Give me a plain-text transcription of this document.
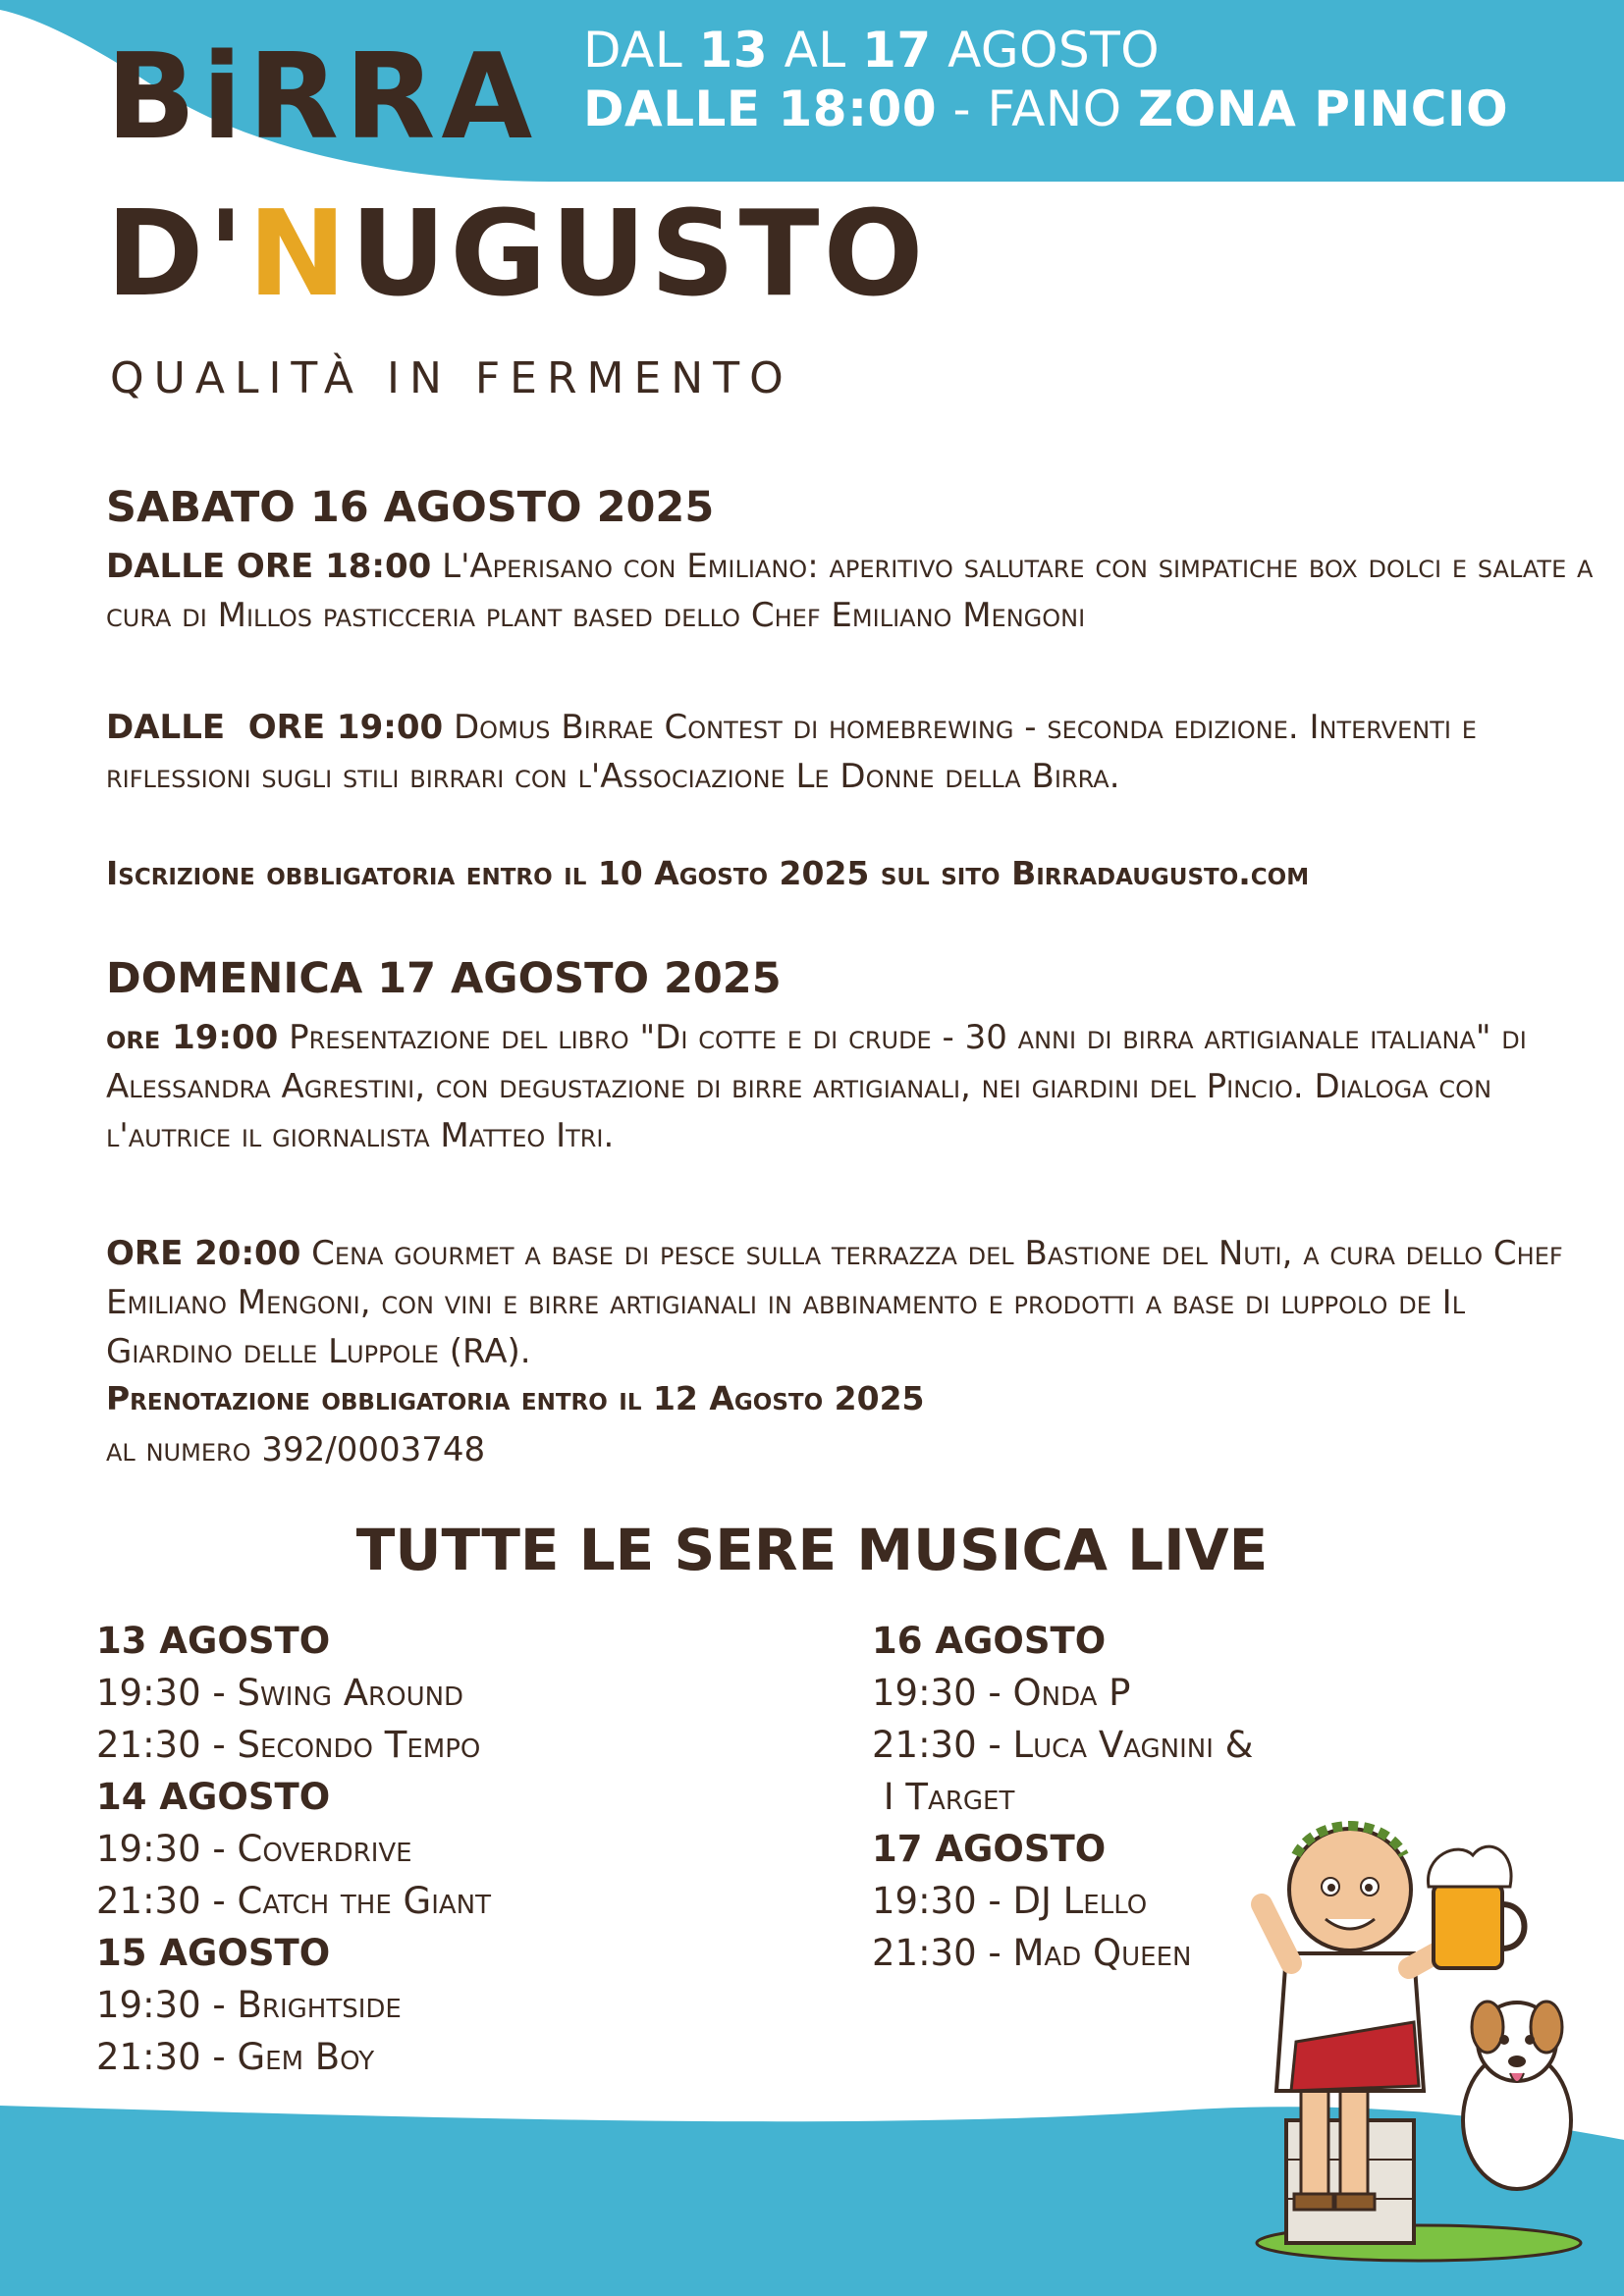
DAL 13 AL 17 AGOSTO
DALLE 18:00 - FANO ZONA PINCIO
BiRRA
D'NUGUSTO
QUALITÀ IN FERMENTO
SABATO 16 AGOSTO 2025
DALLE ORE 18:00 L'Aperisano con Emiliano: aperitivo salutare con simpatiche box dolci e salate a cura di Millos pasticceria plant based dello Chef Emiliano Mengoni
DALLE  ORE 19:00 Domus Birrae Contest di homebrewing - seconda edizione. Interventi e riflessioni sugli stili birrari con l'Associazione Le Donne della Birra.
Iscrizione obbligatoria entro il 10 Agosto 2025 sul sito Birradaugusto.com
DOMENICA 17 AGOSTO 2025
ore 19:00 Presentazione del libro "Di cotte e di crude - 30 anni di birra artigianale italiana" di Alessandra Agrestini, con degustazione di birre artigianali, nei giardini del Pincio. Dialoga con l'autrice il giornalista Matteo Itri.
ORE 20:00 Cena gourmet a base di pesce sulla terrazza del Bastione del Nuti, a cura dello Chef Emiliano Mengoni, con vini e birre artigianali in abbinamento e prodotti a base di luppolo de Il Giardino delle Luppole (RA).
Prenotazione obbligatoria entro il 12 Agosto 2025
al numero 392/0003748
TUTTE LE SERE MUSICA LIVE
13 AGOSTO
19:30 - Swing Around
21:30 - Secondo Tempo
14 AGOSTO
19:30 - Coverdrive
21:30 - Catch the Giant
15 AGOSTO
19:30 - Brightside
21:30 - Gem Boy
16 AGOSTO
19:30 - Onda P
21:30 - Luca Vagnini &
I Target
17 AGOSTO
19:30 - DJ Lello
21:30 - Mad Queen
